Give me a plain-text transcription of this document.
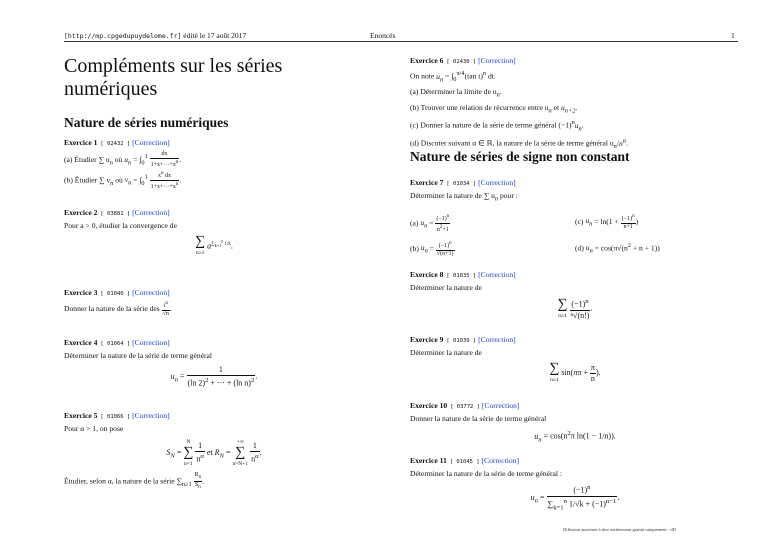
[http://mp.cpgedupuydelome.fr] édité le 17 août 2017	Enoncés	1
Compléments sur les séries
numériques
Nature de séries numériques
Exercice 1 [ 02432 ] [Correction]
(a) Étudier ∑ $u_n$ où $u_n = \int_0^1 \frac{dx}{1+x+\cdot\cdot\cdot+x^n}$ .
(b) Étudier ∑ $v_n$ où $v_n = \int_0^1 \frac{x^n dx}{1+x+\cdot\cdot\cdot+x^n}$ .
Exercice 2 [ 03881 ] [Correction]
Pour a > 0, étudier la convergence de
∑
n≥1
$a^{\sum_{k=1}^n 1/k}$.
Exercice 3 [ 01040 ] [Correction]
Donner la nature de la série des $\frac{i^n}{√n}$ .
Exercice 4 [ 01064 ] [Correction]
Déterminer la nature de la série de terme général
$u_n = \frac{1}{(\ln 2)^2 + \cdot\cdot\cdot + (\ln n)^2}$ .
Exercice 5 [ 01066 ] [Correction]
Pour α > 1, on pose
$S_N$ =
N
∑
n=1
$\frac{1}{n^\alpha}$ et $R_N$ =
+∞
∑
n=N+1
$\frac{1}{n^\alpha}$ .
Étudier, selon α, la nature de la série $\sum_{n\ge 1} \frac{R_n}{S_n}$ .
Exercice 6 [ 02430 ] [Correction]
On note $u_n = \int_0^{\pi/4}(\tan$ t)$^n$ dt.
(a) Déterminer la limite de $u_n$.
(b) Trouver une relation de récurrence entre $u_n$ et $u_{n+2}$.
(c) Donner la nature de la série de terme général $(-1)^nu_n$.
(d) Discuter suivant α ∈ ℝ, la nature de la série de terme général $u_n/n^\alpha$.
Nature de séries de signe non constant
Exercice 7 [ 01034 ] [Correction]
Déterminer la nature de ∑ $u_n$ pour :
(a) $u_n = \frac{(-1)^n}{n^2+1}$	(c) $u_n = \ln(1 + \frac{(-1)^n}{n+1}$ )
(b) $u_n = \frac{(-1)^n}{√(n+1)}$	(d) $u_n = \cos(\pi√(n^2 + n + 1))$
Exercice 8 [ 01035 ] [Correction]
Déterminer la nature de
∑
n≥1
$\frac{(-1)^n}{\text{ⁿ√(n!)}}$ .
Exercice 9 [ 01039 ] [Correction]
Déterminer la nature de
∑
n≥1
$\sin(n\pi + \frac{\pi}{n}$ ).
Exercice 10 [ 03772 ] [Correction]
Donner la nature de la série de terme général
$u_n = \cos(n^2\pi$ ln(1 − 1/n)).
Exercice 11 [ 01045 ] [Correction]
Déterminer la nature de la série de terme général :
$u_n = \frac{(-1)^n}{\sum_{k=1}^n 1/√k + (-1)^{n-1}}$ .
Diffusion autorisée à titre entièrement gratuit uniquement - dD
